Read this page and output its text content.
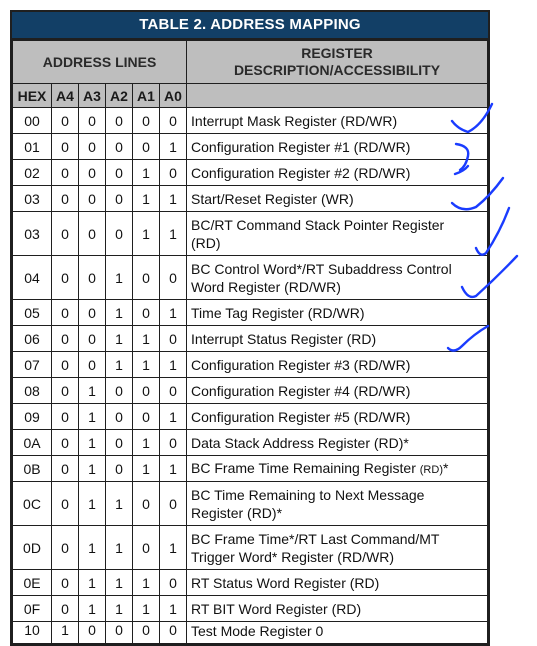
TABLE 2. ADDRESS MAPPING
ADDRESS LINES						REGISTER
DESCRIPTION/ACCESSIBILITY
HEX	A4	A3	A2	A1	A0	
00	0	0	0	0	0	Interrupt Mask Register (RD/WR)
01	0	0	0	0	1	Configuration Register #1 (RD/WR)
02	0	0	0	1	0	Configuration Register #2 (RD/WR)
03	0	0	0	1	1	Start/Reset Register (WR)
03	0	0	0	1	1	BC/RT Command Stack Pointer Register
(RD)
04	0	0	1	0	0	BC Control Word*/RT Subaddress Control
Word Register (RD/WR)
05	0	0	1	0	1	Time Tag Register (RD/WR)
06	0	0	1	1	0	Interrupt Status Register (RD)
07	0	0	1	1	1	Configuration Register #3 (RD/WR)
08	0	1	0	0	0	Configuration Register #4 (RD/WR)
09	0	1	0	0	1	Configuration Register #5 (RD/WR)
0A	0	1	0	1	0	Data Stack Address Register (RD)*
0B	0	1	0	1	1	BC Frame Time Remaining Register (RD)*
0C	0	1	1	0	0	BC Time Remaining to Next Message
Register (RD)*
0D	0	1	1	0	1	BC Frame Time*/RT Last Command/MT
Trigger Word* Register (RD/WR)
0E	0	1	1	1	0	RT Status Word Register (RD)
0F	0	1	1	1	1	RT BIT Word Register (RD)
10	1	0	0	0	0	Test Mode Register 0
